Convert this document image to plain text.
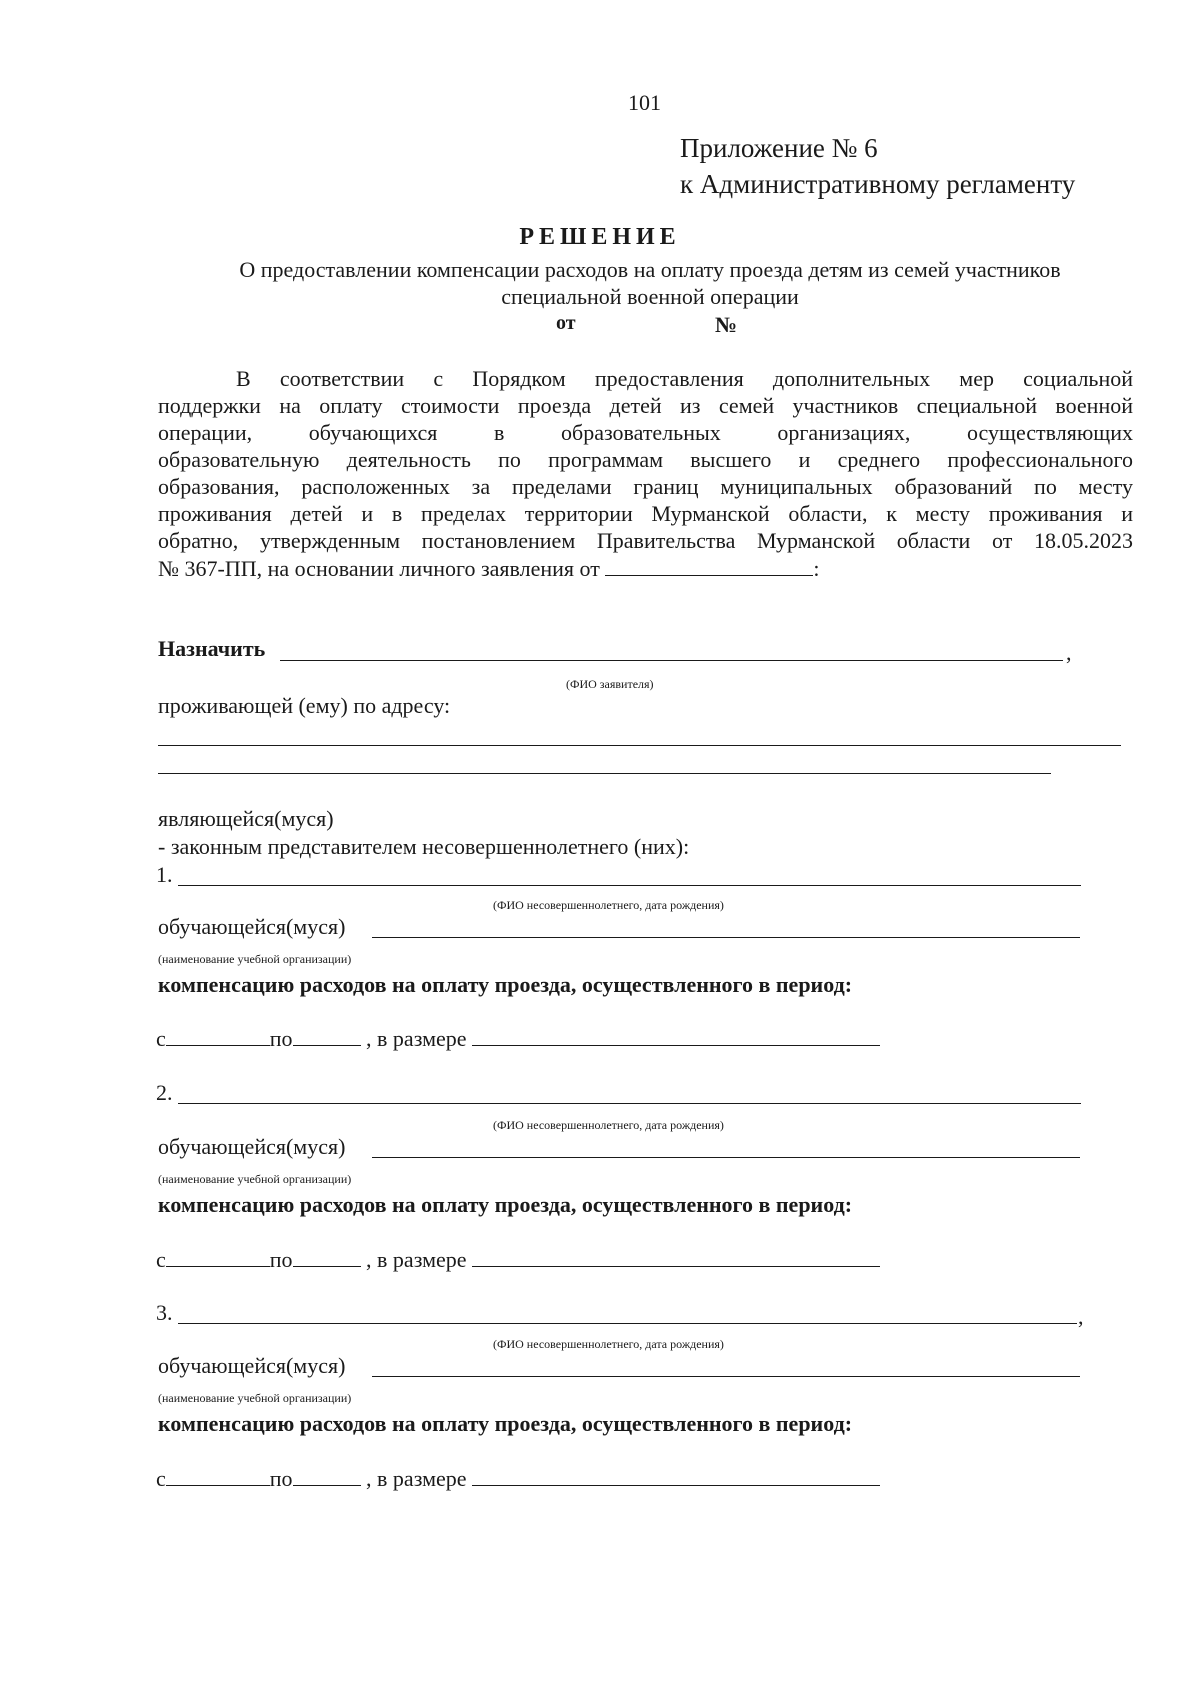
101
Приложение № 6
к Административному регламенту
РЕШЕНИЕ
О предоставлении компенсации расходов на оплату проезда детям из семей участников
специальной военной операции
от	№
В соответствии с Порядком предоставления дополнительных мер социальной
поддержки на оплату стоимости проезда детей из семей участников специальной военной
операции, обучающихся в образовательных организациях, осуществляющих
образовательную деятельность по программам высшего и среднего профессионального
образования, расположенных за пределами границ муниципальных образований по месту
проживания детей и в пределах территории Мурманской области, к месту проживания и
обратно, утвержденным постановлением Правительства Мурманской области от 18.05.2023
№ 367-ПП, на основании личного заявления от	:
Назначить	,
(ФИО заявителя)
проживающей (ему) по адресу:
являющейся(муся)
- законным представителем несовершеннолетнего (них):
1.
(ФИО несовершеннолетнего, дата рождения)
обучающейся(муся)
(наименование учебной организации)
компенсацию расходов на оплату проезда, осуществленного в период:
с	по	, в размере
2.
(ФИО несовершеннолетнего, дата рождения)
обучающейся(муся)
(наименование учебной организации)
компенсацию расходов на оплату проезда, осуществленного в период:
с	по	, в размере
3.	,
(ФИО несовершеннолетнего, дата рождения)
обучающейся(муся)
(наименование учебной организации)
компенсацию расходов на оплату проезда, осуществленного в период:
с	по	, в размере
